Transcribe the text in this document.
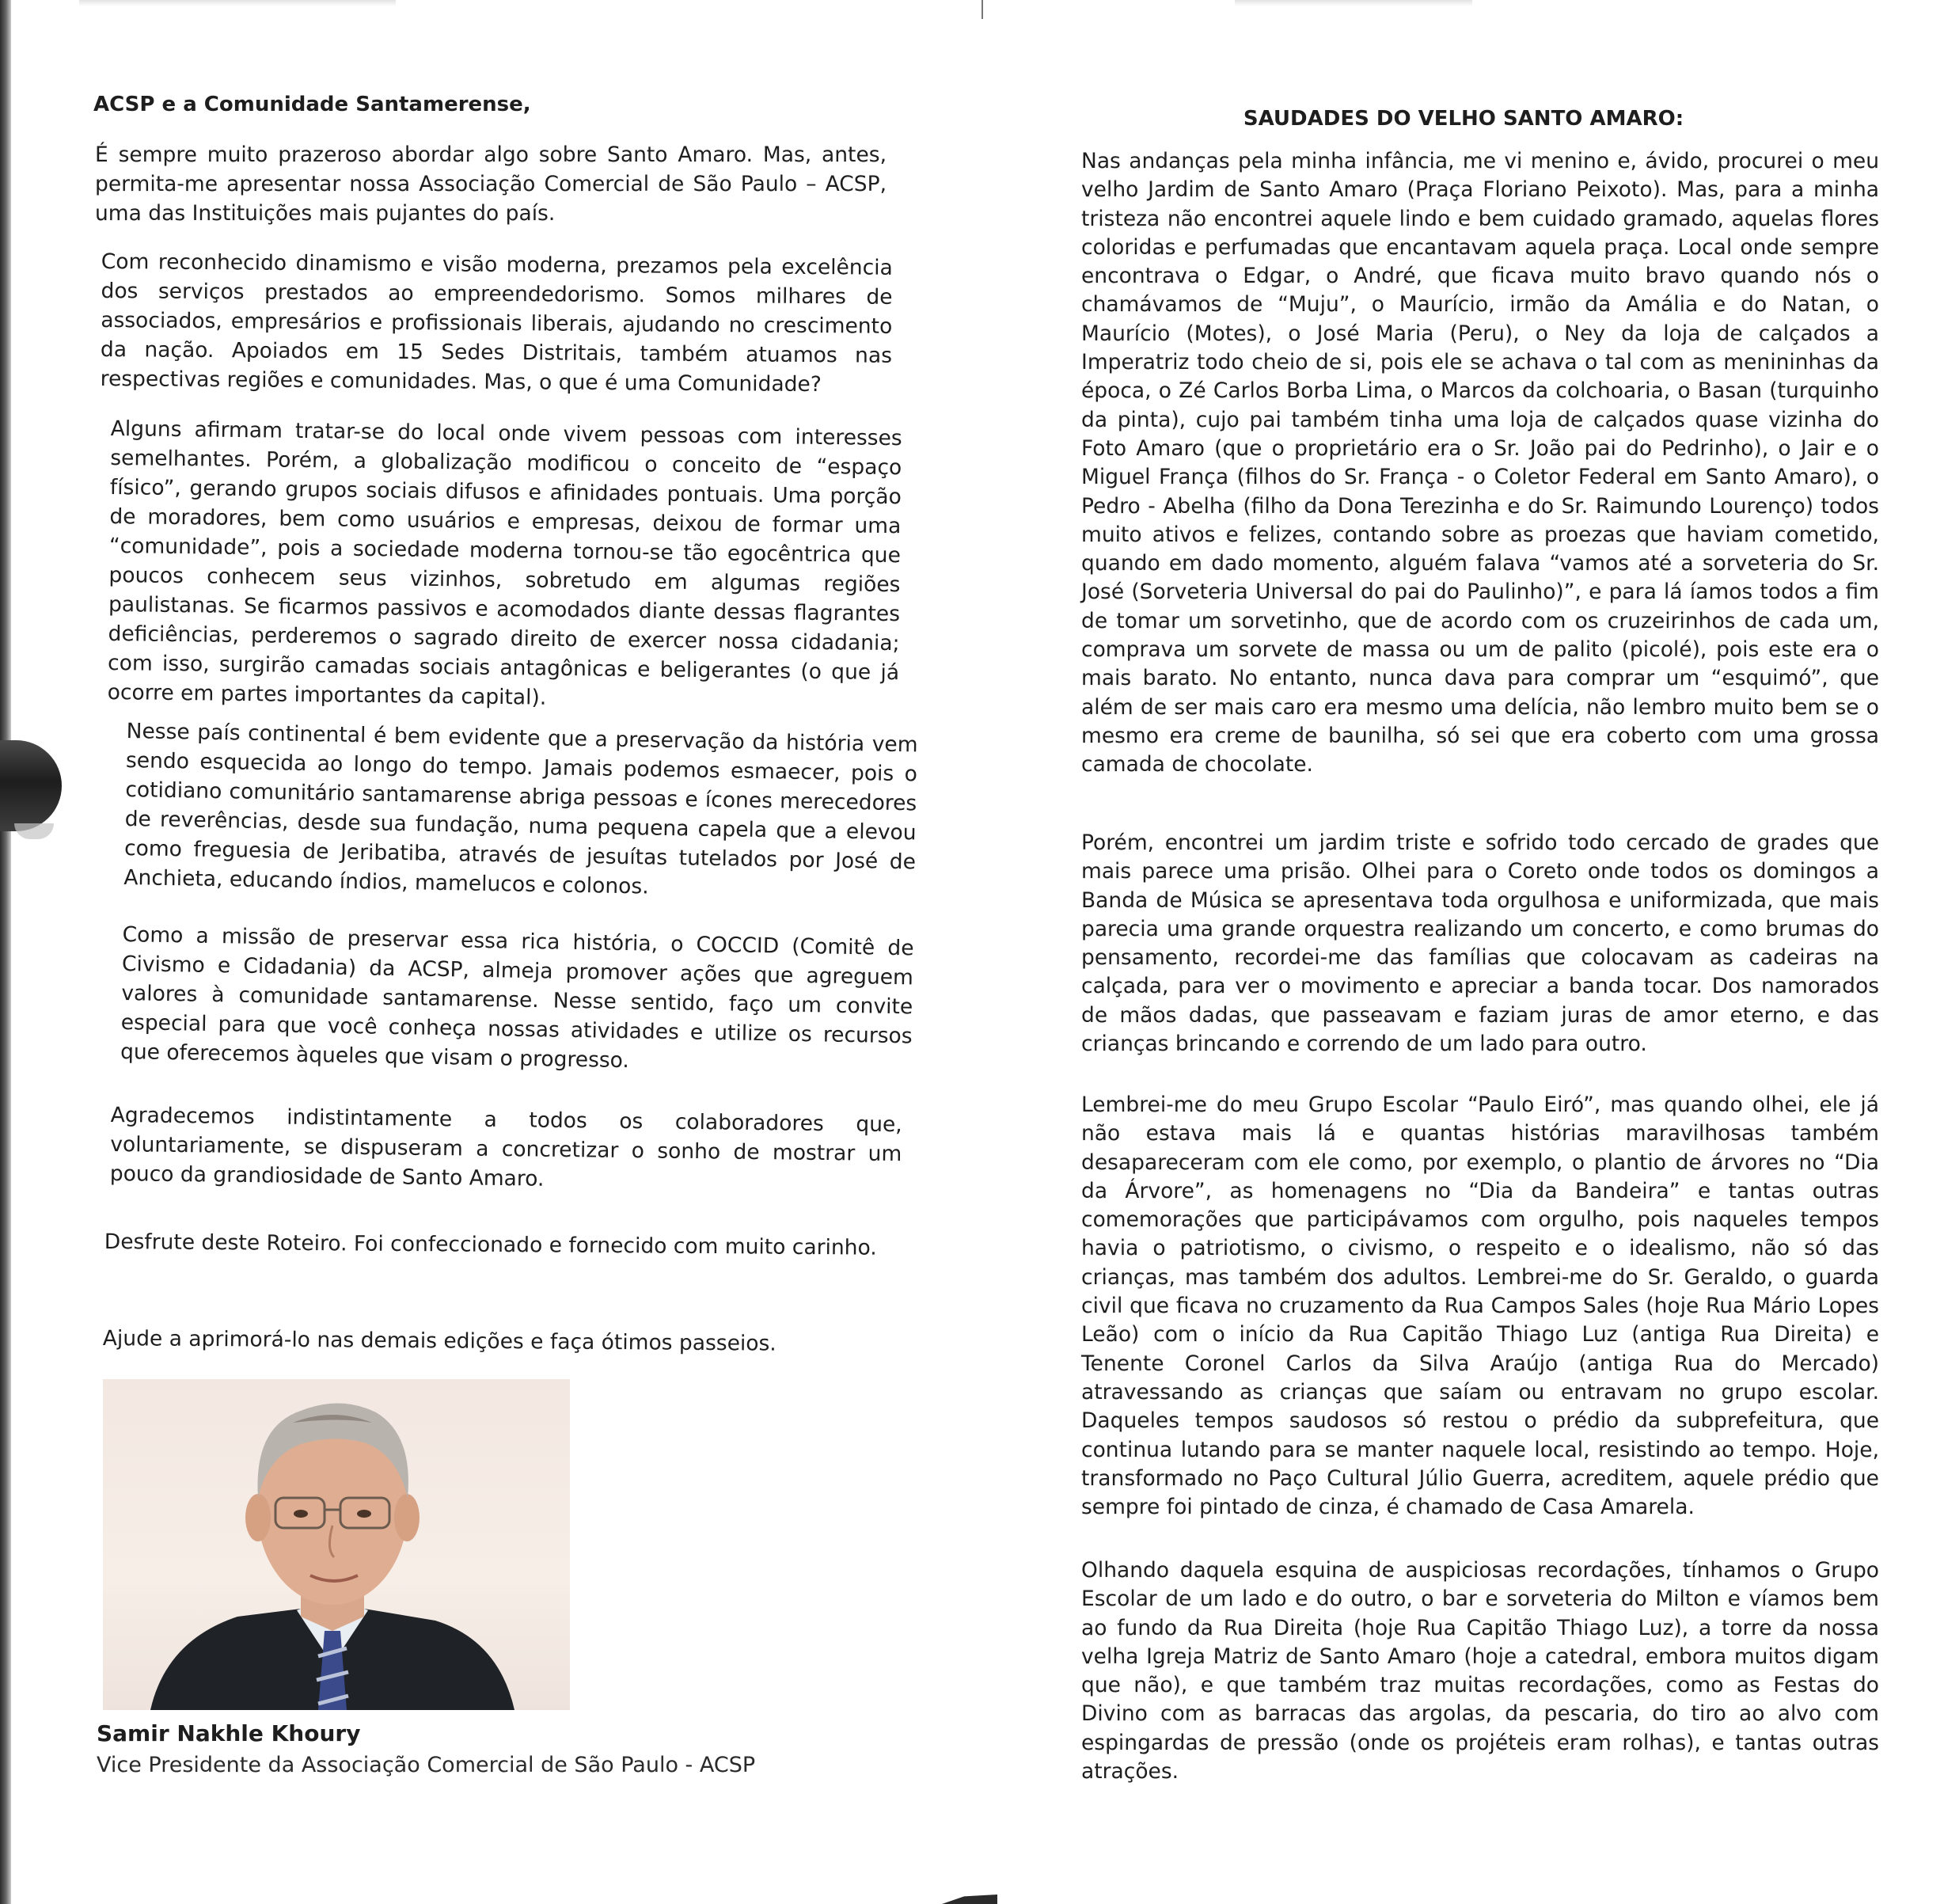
ACSP e a Comunidade Santamerense,

É sempre muito prazeroso abordar algo sobre Santo Amaro. Mas, antes, permita-me apresentar nossa Associação Comercial de São Paulo – ACSP, uma das Instituições mais pujantes do país.

Com reconhecido dinamismo e visão moderna, prezamos pela excelência dos serviços prestados ao empreendedorismo. Somos milhares de associados, empresários e profissionais liberais, ajudando no crescimento da nação. Apoiados em 15 Sedes Distritais, também atuamos nas respectivas regiões e comunidades. Mas, o que é uma Comunidade?

Alguns afirmam tratar-se do local onde vivem pessoas com interesses semelhantes. Porém, a globalização modificou o conceito de “espaço físico”, gerando grupos sociais difusos e afinidades pontuais. Uma porção de moradores, bem como usuários e empresas, deixou de formar uma “comunidade”, pois a sociedade moderna tornou-se tão egocêntrica que poucos conhecem seus vizinhos, sobretudo em algumas regiões paulistanas. Se ficarmos passivos e acomodados diante dessas flagrantes deficiências, perderemos o sagrado direito de exercer nossa cidadania; com isso, surgirão camadas sociais antagônicas e beligerantes (o que já ocorre em partes importantes da capital).

Nesse país continental é bem evidente que a preservação da história vem sendo esquecida ao longo do tempo. Jamais podemos esmaecer, pois o cotidiano comunitário santamarense abriga pessoas e ícones merecedores de reverências, desde sua fundação, numa pequena capela que a elevou como freguesia de Jeribatiba, através de jesuítas tutelados por José de Anchieta, educando índios, mamelucos e colonos.

Como a missão de preservar essa rica história, o COCCID (Comitê de Civismo e Cidadania) da ACSP, almeja promover ações que agreguem valores à comunidade santamarense. Nesse sentido, faço um convite especial para que você conheça nossas atividades e utilize os recursos que oferecemos àqueles que visam o progresso.

Agradecemos indistintamente a todos os colaboradores que, voluntariamente, se dispuseram a concretizar o sonho de mostrar um pouco da grandiosidade de Santo Amaro.

Desfrute deste Roteiro. Foi confeccionado e fornecido com muito carinho.

Ajude a aprimorá-lo nas demais edições e faça ótimos passeios.

Samir Nakhle Khoury

Vice Presidente da Associação Comercial de São Paulo - ACSP

SAUDADES DO VELHO SANTO AMARO:

Nas andanças pela minha infância, me vi menino e, ávido, procurei o meu velho Jardim de Santo Amaro (Praça Floriano Peixoto). Mas, para a minha tristeza não encontrei aquele lindo e bem cuidado gramado, aquelas flores coloridas e perfumadas que encantavam aquela praça. Local onde sempre encontrava o Edgar, o André, que ficava muito bravo quando nós o chamávamos de “Muju”, o Maurício, irmão da Amália e do Natan, o Maurício (Motes), o José Maria (Peru), o Ney da loja de calçados a Imperatriz todo cheio de si, pois ele se achava o tal com as menininhas da época, o Zé Carlos Borba Lima, o Marcos da colchoaria, o Basan (turquinho da pinta), cujo pai também tinha uma loja de calçados quase vizinha do Foto Amaro (que o proprietário era o Sr. João pai do Pedrinho), o Jair e o Miguel França (filhos do Sr. França - o Coletor Federal em Santo Amaro), o Pedro - Abelha (filho da Dona Terezinha e do Sr. Raimundo Lourenço) todos muito ativos e felizes, contando sobre as proezas que haviam cometido, quando em dado momento, alguém falava “vamos até a sorveteria do Sr. José (Sorveteria Universal do pai do Paulinho)”, e para lá íamos todos a fim de tomar um sorvetinho, que de acordo com os cruzeirinhos de cada um, comprava um sorvete de massa ou um de palito (picolé), pois este era o mais barato. No entanto, nunca dava para comprar um “esquimó”, que além de ser mais caro era mesmo uma delícia, não lembro muito bem se o mesmo era creme de baunilha, só sei que era coberto com uma grossa camada de chocolate.

Porém, encontrei um jardim triste e sofrido todo cercado de grades que mais parece uma prisão. Olhei para o Coreto onde todos os domingos a Banda de Música se apresentava toda orgulhosa e uniformizada, que mais parecia uma grande orquestra realizando um concerto, e como brumas do pensamento, recordei-me das famílias que colocavam as cadeiras na calçada, para ver o movimento e apreciar a banda tocar. Dos namorados de mãos dadas, que passeavam e faziam juras de amor eterno, e das crianças brincando e correndo de um lado para outro.

Lembrei-me do meu Grupo Escolar “Paulo Eiró”, mas quando olhei, ele já não estava mais lá e quantas histórias maravilhosas também desapareceram com ele como, por exemplo, o plantio de árvores no “Dia da Árvore”, as homenagens no “Dia da Bandeira” e tantas outras comemorações que participávamos com orgulho, pois naqueles tempos havia o patriotismo, o civismo, o respeito e o idealismo, não só das crianças, mas também dos adultos. Lembrei-me do Sr. Geraldo, o guarda civil que ficava no cruzamento da Rua Campos Sales (hoje Rua Mário Lopes Leão) com o início da Rua Capitão Thiago Luz (antiga Rua Direita) e Tenente Coronel Carlos da Silva Araújo (antiga Rua do Mercado) atravessando as crianças que saíam ou entravam no grupo escolar. Daqueles tempos saudosos só restou o prédio da subprefeitura, que continua lutando para se manter naquele local, resistindo ao tempo. Hoje, transformado no Paço Cultural Júlio Guerra, acreditem, aquele prédio que sempre foi pintado de cinza, é chamado de Casa Amarela.

Olhando daquela esquina de auspiciosas recordações, tínhamos o Grupo Escolar de um lado e do outro, o bar e sorveteria do Milton e víamos bem ao fundo da Rua Direita (hoje Rua Capitão Thiago Luz), a torre da nossa velha Igreja Matriz de Santo Amaro (hoje a catedral, embora muitos digam que não), e que também traz muitas recordações, como as Festas do Divino com as barracas das argolas, da pescaria, do tiro ao alvo com espingardas de pressão (onde os projéteis eram rolhas), e tantas outras atrações.
